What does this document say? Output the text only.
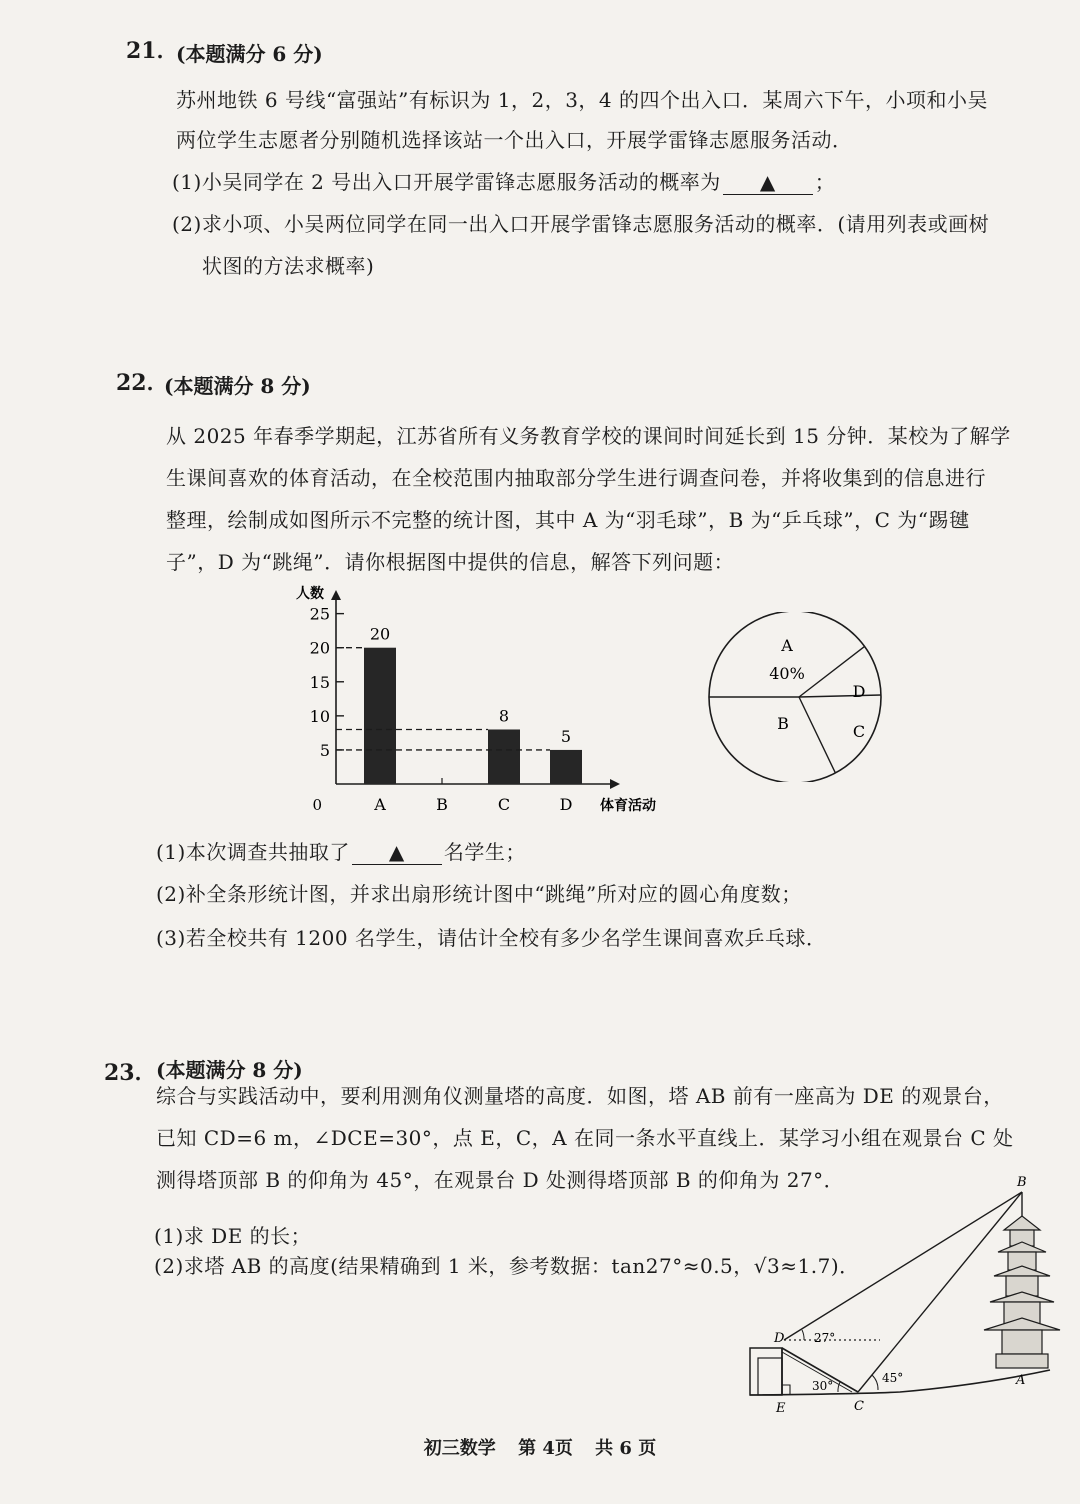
21．
(本题满分 6 分)
苏州地铁 6 号线“富强站”有标识为 1，2，3，4 的四个出入口．某周六下午，小项和小吴
两位学生志愿者分别随机选择该站一个出入口，开展学雷锋志愿服务活动．
(1)小吴同学在 2 号出入口开展学雷锋志愿服务活动的概率为 ▲ ；
(2)求小项、小吴两位同学在同一出入口开展学雷锋志愿服务活动的概率．(请用列表或画树
状图的方法求概率)
22．
(本题满分 8 分)
从 2025 年春季学期起，江苏省所有义务教育学校的课间时间延长到 15 分钟．某校为了解学
生课间喜欢的体育活动，在全校范围内抽取部分学生进行调查问卷，并将收集到的信息进行
整理，绘制成如图所示不完整的统计图，其中 A 为“羽毛球”，B 为“乒乓球”，C 为“踢毽
子”，D 为“跳绳”．请你根据图中提供的信息，解答下列问题：
人数
体育活动
0
5
10
15
20
25
A
20
B	C
8
D
5
A
40%
B	C
D
(1)本次调查共抽取了 ▲ 名学生；
(2)补全条形统计图，并求出扇形统计图中“跳绳”所对应的圆心角度数；
(3)若全校共有 1200 名学生，请估计全校有多少名学生课间喜欢乒乓球．
23． (本题满分 8 分)
综合与实践活动中，要利用测角仪测量塔的高度．如图，塔 AB 前有一座高为 DE 的观景台，
已知 CD=6 m，∠DCE=30°，点 E，C，A 在同一条水平直线上．某学习小组在观景台 C 处
测得塔顶部 B 的仰角为 45°，在观景台 D 处测得塔顶部 B 的仰角为 27°．
(1)求 DE 的长；
(2)求塔 AB 的高度(结果精确到 1 米，参考数据：tan27°≈0.5，√3≈1.7)．
B
D
E	C
A
27°
30°
45°
初三数学 第 4页 共 6 页
